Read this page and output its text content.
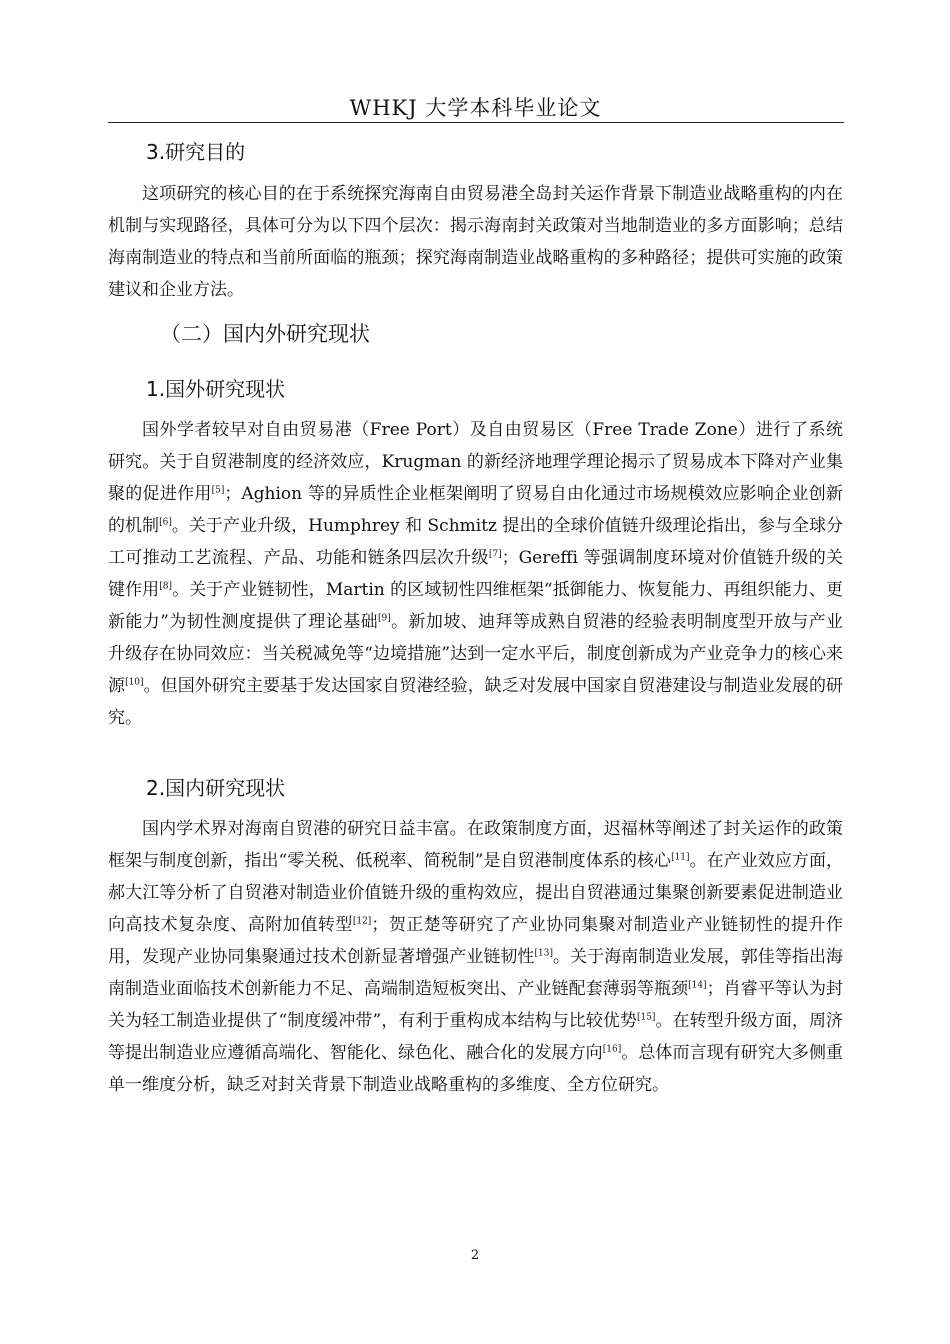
WHKJ 大学本科毕业论文
3.研究目的
这项研究的核心目的在于系统探究海南自由贸易港全岛封关运作背景下制造业战略重构的内在机制与实现路径，具体可分为以下四个层次：揭示海南封关政策对当地制造业的多方面影响；总结海南制造业的特点和当前所面临的瓶颈；探究海南制造业战略重构的多种路径；提供可实施的政策建议和企业方法。
（二）国内外研究现状
1.国外研究现状
国外学者较早对自由贸易港（Free Port）及自由贸易区（Free Trade Zone）进行了系统研究。关于自贸港制度的经济效应，Krugman 的新经济地理学理论揭示了贸易成本下降对产业集聚的促进作用[5]；Aghion 等的异质性企业框架阐明了贸易自由化通过市场规模效应影响企业创新的机制[6]。关于产业升级，Humphrey 和 Schmitz 提出的全球价值链升级理论指出，参与全球分工可推动工艺流程、产品、功能和链条四层次升级[7]；Gereffi 等强调制度环境对价值链升级的关键作用[8]。关于产业链韧性，Martin 的区域韧性四维框架“抵御能力、恢复能力、再组织能力、更新能力”为韧性测度提供了理论基础[9]。新加坡、迪拜等成熟自贸港的经验表明制度型开放与产业升级存在协同效应：当关税减免等“边境措施”达到一定水平后，制度创新成为产业竞争力的核心来源[10]。但国外研究主要基于发达国家自贸港经验，缺乏对发展中国家自贸港建设与制造业发展的研究。
2.国内研究现状
国内学术界对海南自贸港的研究日益丰富。在政策制度方面，迟福林等阐述了封关运作的政策框架与制度创新，指出“零关税、低税率、简税制”是自贸港制度体系的核心[11]。在产业效应方面，郝大江等分析了自贸港对制造业价值链升级的重构效应，提出自贸港通过集聚创新要素促进制造业向高技术复杂度、高附加值转型[12]；贺正楚等研究了产业协同集聚对制造业产业链韧性的提升作用，发现产业协同集聚通过技术创新显著增强产业链韧性[13]。关于海南制造业发展，郭佳等指出海南制造业面临技术创新能力不足、高端制造短板突出、产业链配套薄弱等瓶颈[14]；肖睿平等认为封关为轻工制造业提供了“制度缓冲带”，有利于重构成本结构与比较优势[15]。在转型升级方面，周济等提出制造业应遵循高端化、智能化、绿色化、融合化的发展方向[16]。总体而言现有研究大多侧重单一维度分析，缺乏对封关背景下制造业战略重构的多维度、全方位研究。
2
